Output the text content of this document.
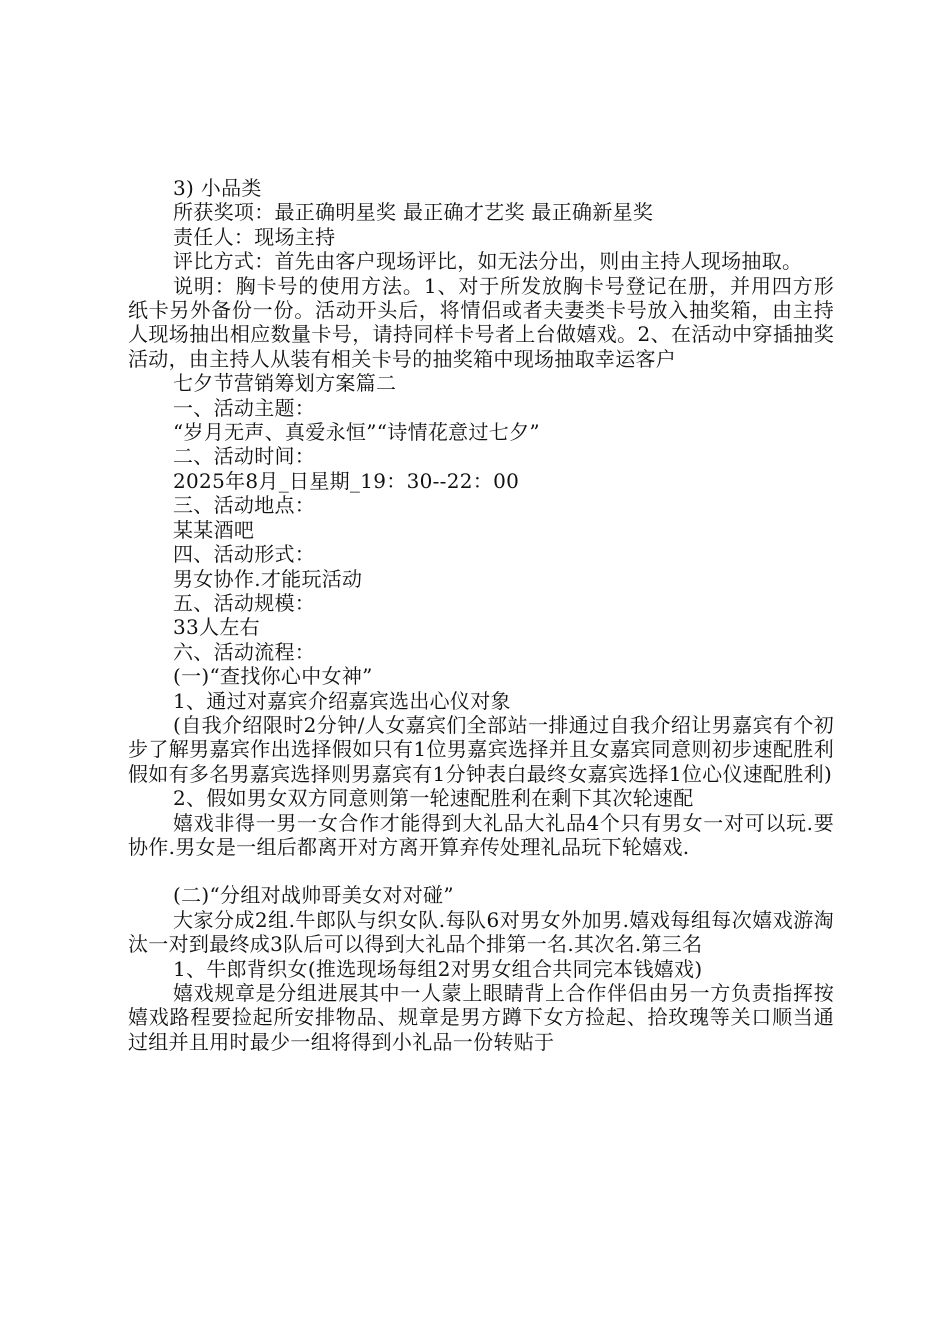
3) 小品类

所获奖项：最正确明星奖 最正确才艺奖 最正确新星奖

责任人：现场主持

评比方式：首先由客户现场评比，如无法分出，则由主持人现场抽取。

说明：胸卡号的使用方法。1、对于所发放胸卡号登记在册，并用四方形纸卡另外备份一份。活动开头后，将情侣或者夫妻类卡号放入抽奖箱，由主持人现场抽出相应数量卡号，请持同样卡号者上台做嬉戏。2、在活动中穿插抽奖活动，由主持人从装有相关卡号的抽奖箱中现场抽取幸运客户

七夕节营销筹划方案篇二

一、活动主题：

“岁月无声、真爱永恒”“诗情花意过七夕”

二、活动时间：

2025年8月_日星期_19：30--22：00

三、活动地点：

某某酒吧

四、活动形式：

男女协作.才能玩活动

五、活动规模：

33人左右

六、活动流程：

(一)“查找你心中女神”

1、通过对嘉宾介绍嘉宾选出心仪对象

(自我介绍限时2分钟/人女嘉宾们全部站一排通过自我介绍让男嘉宾有个初步了解男嘉宾作出选择假如只有1位男嘉宾选择并且女嘉宾同意则初步速配胜利假如有多名男嘉宾选择则男嘉宾有1分钟表白最终女嘉宾选择1位心仪速配胜利)

2、假如男女双方同意则第一轮速配胜利在剩下其次轮速配

嬉戏非得一男一女合作才能得到大礼品大礼品4个只有男女一对可以玩.要协作.男女是一组后都离开对方离开算弃传处理礼品玩下轮嬉戏.

(二)“分组对战帅哥美女对对碰”

大家分成2组.牛郎队与织女队.每队6对男女外加男.嬉戏每组每次嬉戏游淘汰一对到最终成3队后可以得到大礼品个排第一名.其次名.第三名

1、牛郎背织女(推选现场每组2对男女组合共同完本钱嬉戏)

嬉戏规章是分组进展其中一人蒙上眼睛背上合作伴侣由另一方负责指挥按嬉戏路程要捡起所安排物品、规章是男方蹲下女方捡起、拾玫瑰等关口顺当通过组并且用时最少一组将得到小礼品一份转贴于
